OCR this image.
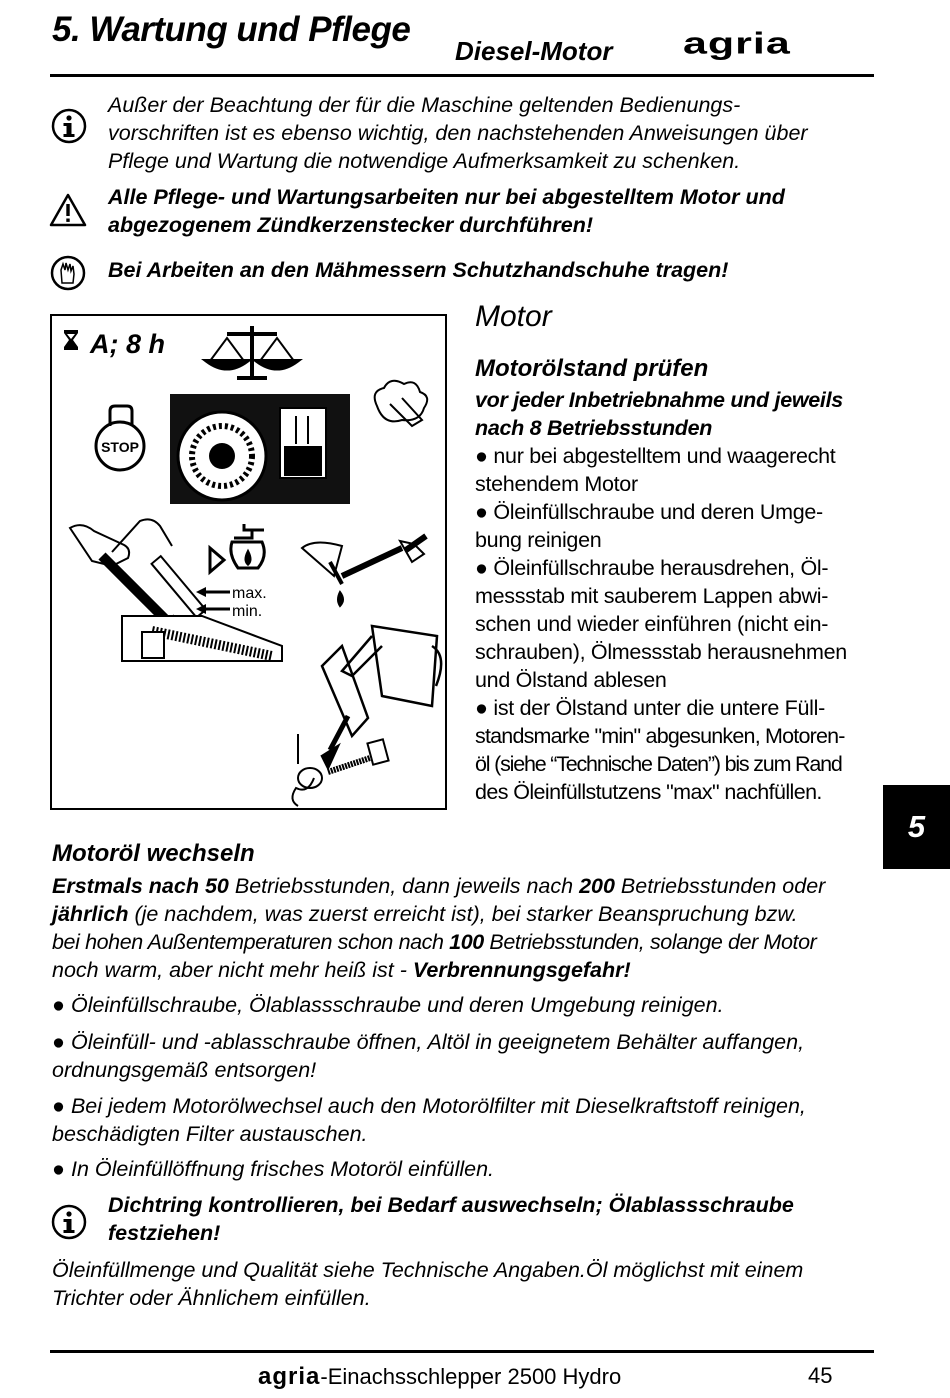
5. Wartung und Pflege
Diesel-Motor agria
Außer der Beachtung der für die Maschine geltenden Bedienungs-
vorschriften ist es ebenso wichtig, den nachstehenden Anweisungen über
Pflege und Wartung die notwendige Aufmerksamkeit zu schenken.
Alle Pflege- und Wartungsarbeiten nur bei abgestelltem Motor und
abgezogenem Zündkerzenstecker durchführen!
Bei Arbeiten an den Mähmessern Schutzhandschuhe tragen!
A; 8 h
STOP
max.
min.
Motor
Motorölstand prüfen
vor jeder Inbetriebnahme und jeweils
nach 8 Betriebsstunden
● nur bei abgestelltem und waagerecht
stehendem Motor
● Öleinfüllschraube und deren Umge-
bung reinigen
● Öleinfüllschraube herausdrehen, Öl-
messstab mit sauberem Lappen abwi-
schen und wieder einführen (nicht ein-
schrauben), Ölmessstab herausnehmen
und Ölstand ablesen
● ist der Ölstand unter die untere Füll-
standsmarke "min" abgesunken, Motoren-
öl (siehe “Technische Daten”) bis zum Rand
des Öleinfüllstutzens "max" nachfüllen.
5
Motoröl wechseln
Erstmals nach 50 Betriebsstunden, dann jeweils nach 200 Betriebsstunden oder
jährlich (je nachdem, was zuerst erreicht ist), bei starker Beanspruchung bzw.
bei hohen Außentemperaturen schon nach 100 Betriebsstunden, solange der Motor
noch warm, aber nicht mehr heiß ist - Verbrennungsgefahr!
● Öleinfüllschraube, Ölablassschraube und deren Umgebung reinigen.
● Öleinfüll- und -ablasschraube öffnen, Altöl in geeignetem Behälter auffangen,
ordnungsgemäß entsorgen!
● Bei jedem Motorölwechsel auch den Motorölfilter mit Dieselkraftstoff reinigen,
beschädigten Filter austauschen.
● In Öleinfüllöffnung frisches Motoröl einfüllen.
Dichtring kontrollieren, bei Bedarf auswechseln; Ölablassschraube
festziehen!
Öleinfüllmenge und Qualität siehe Technische Angaben.Öl möglichst mit einem
Trichter oder Ähnlichem einfüllen.
agria-Einachsschlepper 2500 Hydro	45
